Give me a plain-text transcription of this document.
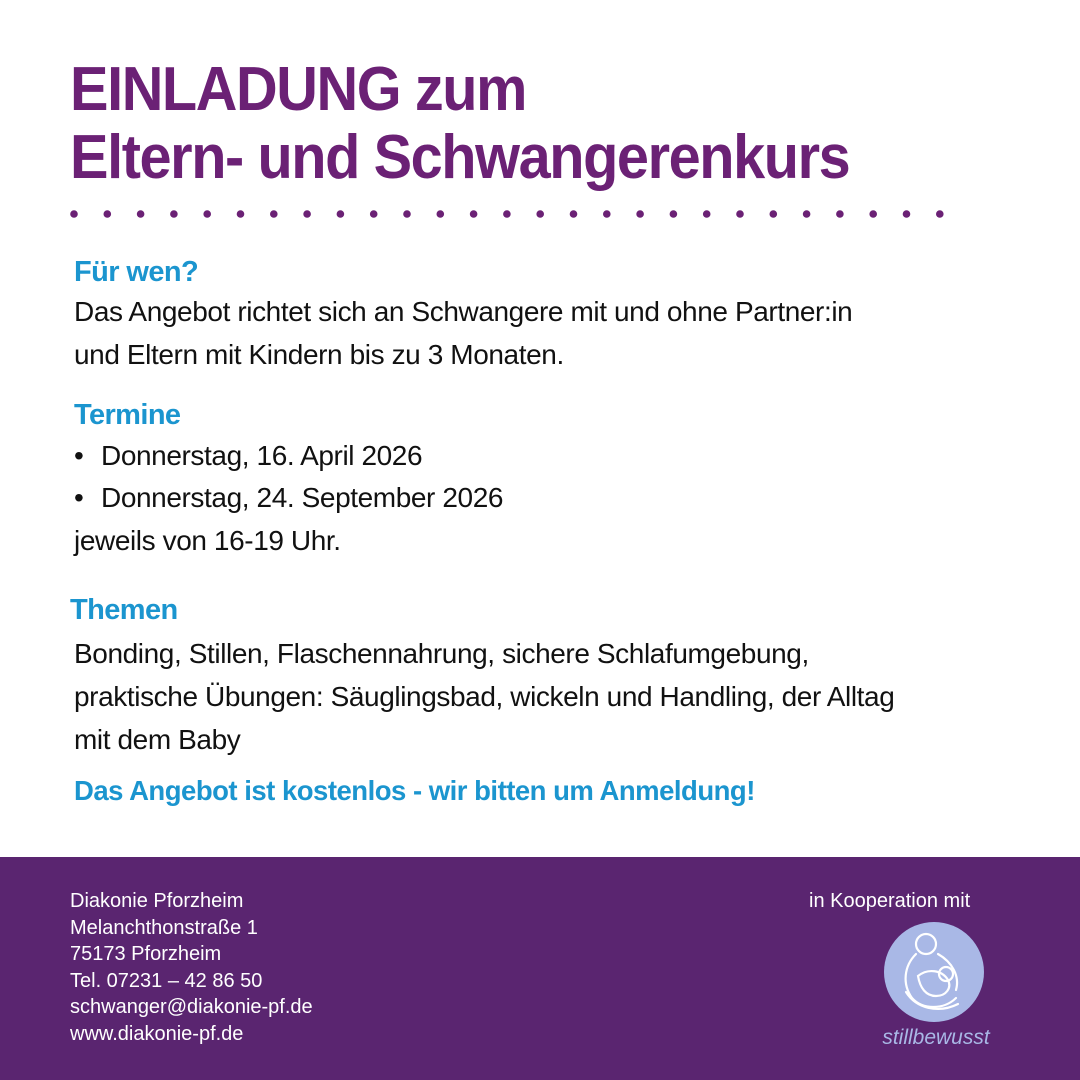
EINLADUNG zum
Eltern- und Schwangerenkurs
Für wen?
Das Angebot richtet sich an Schwangere mit und ohne Partner:in
und Eltern mit Kindern bis zu 3 Monaten.
Termine
• Donnerstag, 16. April 2026
• Donnerstag, 24. September 2026
jeweils von 16-19 Uhr.
Themen
Bonding, Stillen, Flaschennahrung, sichere Schlafumgebung,
praktische Übungen: Säuglingsbad, wickeln und Handling, der Alltag
mit dem Baby
Das Angebot ist kostenlos - wir bitten um Anmeldung!
Diakonie Pforzheim
Melanchthonstraße 1
75173 Pforzheim
Tel. 07231 – 42 86 50
schwanger@diakonie-pf.de
www.diakonie-pf.de
in Kooperation mit
stillbewusst
